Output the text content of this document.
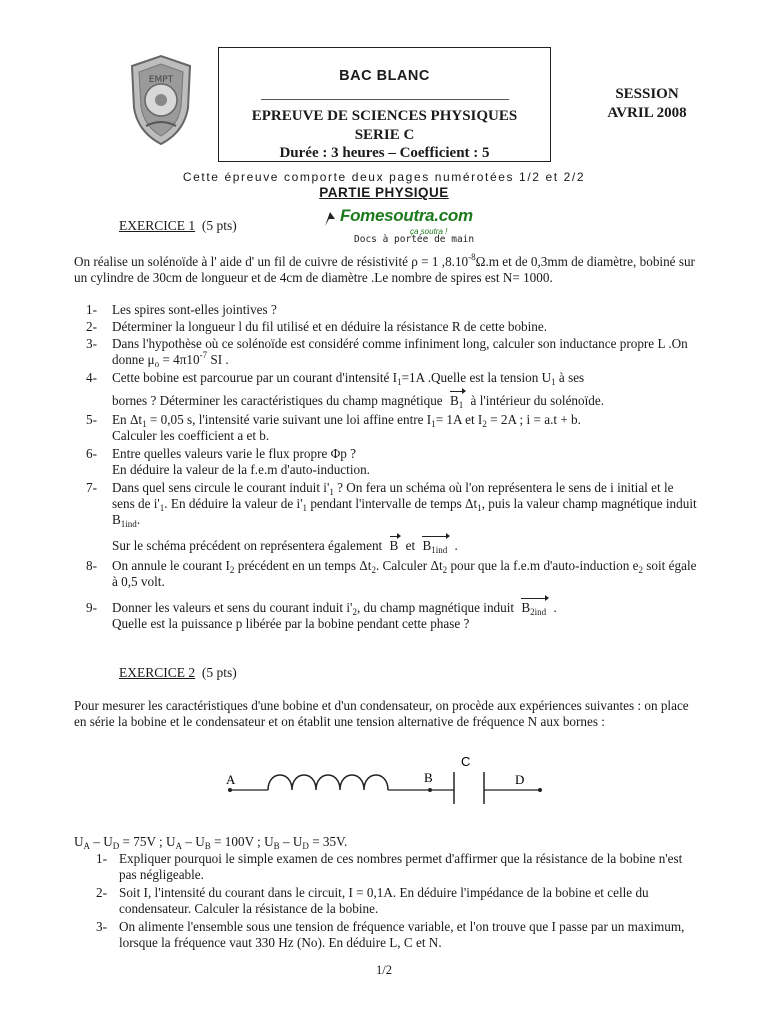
EMPT	BAC BLANC
EPREUVE DE SCIENCES PHYSIQUES
SERIE C
Durée : 3 heures – Coefficient : 5
SESSION
AVRIL 2008
Cette épreuve comporte deux pages numérotées 1/2 et 2/2
PARTIE PHYSIQUE
EXERCICE 1 (5 pts)
Fomesoutra.com
ça soutra !
Docs à portée de main
On réalise un solénoïde à l' aide d' un fil de cuivre de résistivité ρ = 1 $,8.10^{-8}\Omega.m$ et de 0,3mm de diamètre, bobiné sur un cylindre de 30cm de longueur et de 4cm de diamètre .Le nombre de spires est N= 1000.
1-	Les spires sont-elles jointives ?
2-	Déterminer la longueur l du fil utilisé et en déduire la résistance R de cette bobine.
3-	Dans l'hypothèse où ce solénoïde est considéré comme infiniment long, calculer son inductance propre L .On donne $\mu_o = 4\pi 10^{-7}$ SI .
4-	Cette bobine est parcourue par un courant d'intensité $I_1=1A$ .Quelle est la tension $U_1$ à ses
bornes ? Déterminer les caractéristiques du champ magnétique $B_1$ à l'intérieur du solénoïde.
5-	En $\Delta t_1 = 0,05$ s, l'intensité varie suivant une loi affine entre $I_1= 1A$ et $I_2 = 2A$ ; i = a.t + b.
Calculer les coefficient a et b.
6-	Entre quelles valeurs varie le flux propre Φp ?
En déduire la valeur de la f.e.m d'auto-induction.
7-	Dans quel sens circule le courant induit $i'_1$ ? On fera un schéma où l'on représentera le sens de i initial et le sens de $i'_1$. En déduire la valeur de $i'_1$ pendant l'intervalle de temps $\Delta t_1$, puis la valeur champ magnétique induit $B_{1ind}$.
Sur le schéma précédent on représentera également B et $B_{1ind}$ .
8-	On annule le courant $I_2$ précédent en un temps $\Delta t_2$. Calculer $\Delta t_2$ pour que la f.e.m d'auto-induction $e_2$ soit égale à 0,5 volt.
9-	Donner les valeurs et sens du courant induit $i'_2$, du champ magnétique induit $B_{2ind}$ .
Quelle est la puissance p libérée par la bobine pendant cette phase ?
EXERCICE 2 (5 pts)
Pour mesurer les caractéristiques d'une bobine et d'un condensateur, on procède aux expériences suivantes : on place en série la bobine et le condensateur et on établit une tension alternative de fréquence N aux bornes :
A	B
C
D
$U_A - U_D = 75V$ ; $U_A - U_B = 100V$ ; $U_B - U_D = 35V$.
1- Expliquer pourquoi le simple examen de ces nombres permet d'affirmer que la résistance de la bobine n'est pas négligeable.
2- Soit I, l'intensité du courant dans le circuit, I = 0,1A. En déduire l'impédance de la bobine et celle du condensateur. Calculer la résistance de la bobine.
3- On alimente l'ensemble sous une tension de fréquence variable, et l'on trouve que I passe par un maximum, lorsque la fréquence vaut 330 Hz (No). En déduire L, C et N.
1/2
